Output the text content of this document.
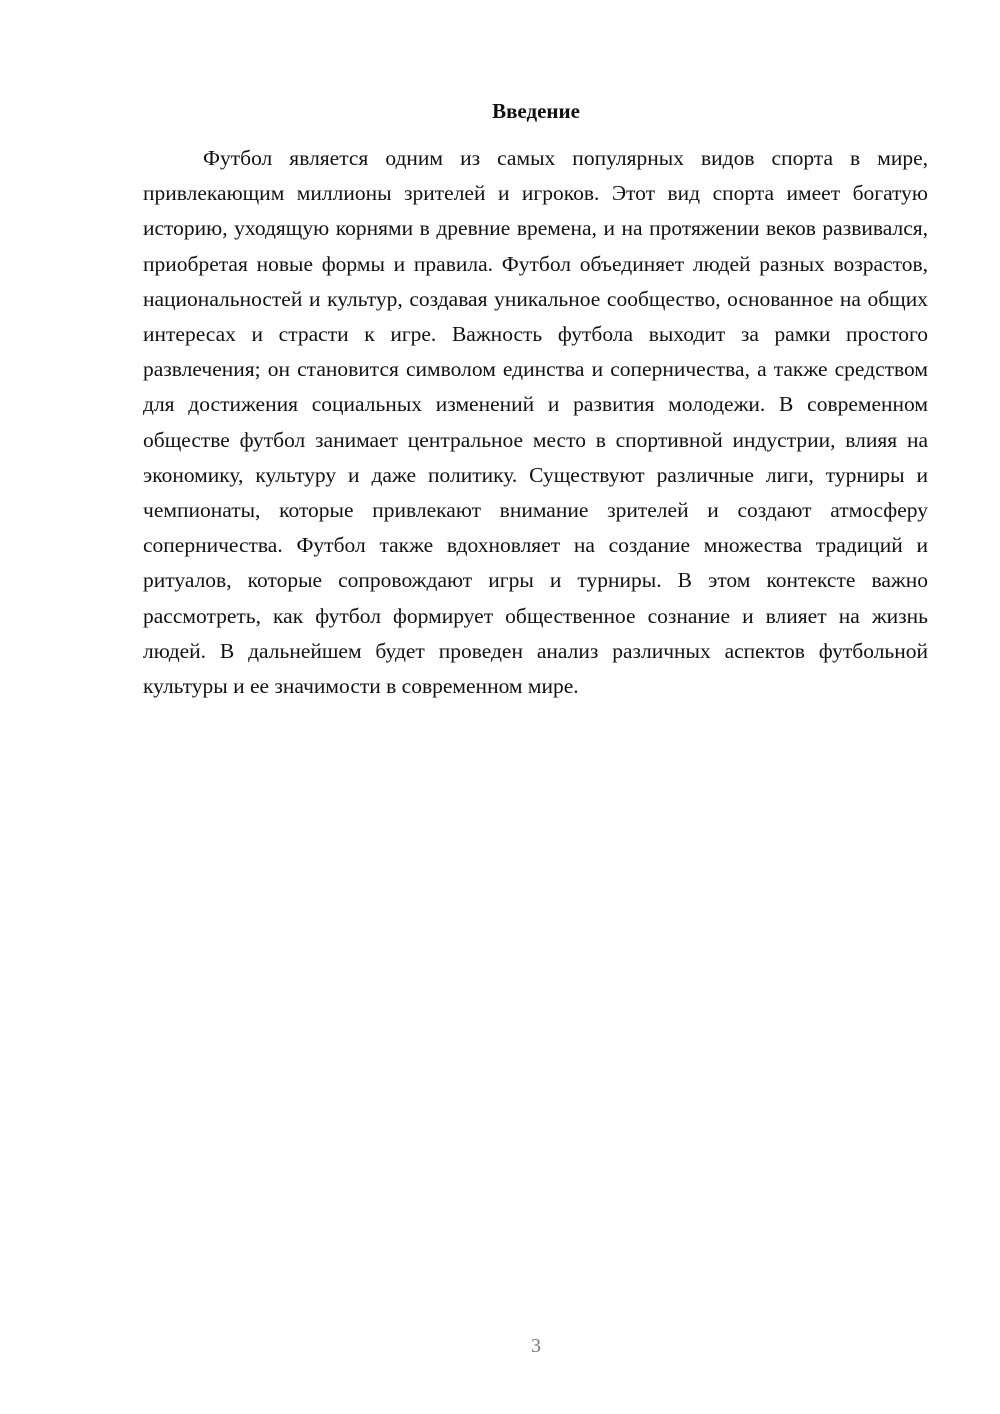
Введение

Футбол является одним из самых популярных видов спорта в мире, привлекающим миллионы зрителей и игроков. Этот вид спорта имеет богатую историю, уходящую корнями в древние времена, и на протяжении веков развивался, приобретая новые формы и правила. Футбол объединяет людей разных возрастов, национальностей и культур, создавая уникальное сообщество, основанное на общих интересах и страсти к игре. Важность футбола выходит за рамки простого развлечения; он становится символом единства и соперничества, а также средством для достижения социальных изменений и развития молодежи. В современном обществе футбол занимает центральное место в спортивной индустрии, влияя на экономику, культуру и даже политику. Существуют различные лиги, турниры и чемпионаты, которые привлекают внимание зрителей и создают атмосферу соперничества. Футбол также вдохновляет на создание множества традиций и ритуалов, которые сопровождают игры и турниры. В этом контексте важно рассмотреть, как футбол формирует общественное сознание и влияет на жизнь людей. В дальнейшем будет проведен анализ различных аспектов футбольной культуры и ее значимости в современном мире.

3
